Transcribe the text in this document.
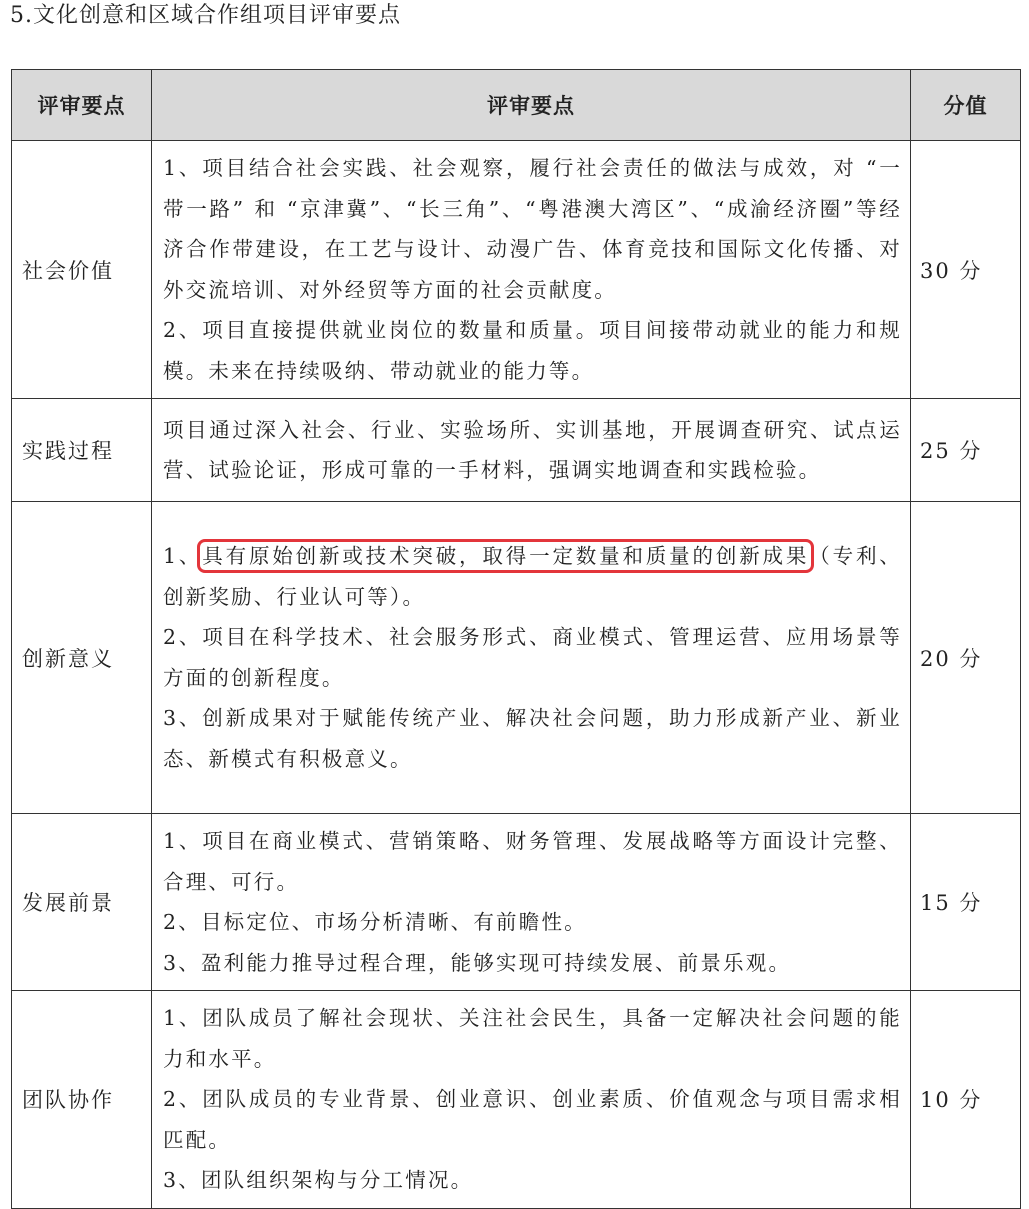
5.文化创意和区域合作组项目评审要点
评审要点	评审要点	分值
社会价值	1、项目结合社会实践、社会观察，履行社会责任的做法与成效，对 “一带一路” 和 “京津冀”、“长三角”、“粤港澳大湾区”、“成渝经济圈”等经济合作带建设，在工艺与设计、动漫广告、体育竞技和国际文化传播、对外交流培训、对外经贸等方面的社会贡献度。

2、项目直接提供就业岗位的数量和质量。项目间接带动就业的能力和规模。未来在持续吸纳、带动就业的能力等。	30 分
实践过程	项目通过深入社会、行业、实验场所、实训基地，开展调查研究、试点运营、试验论证，形成可靠的一手材料，强调实地调查和实践检验。	25 分
创新意义	1、具有原始创新或技术突破，取得一定数量和质量的创新成果（专利、创新奖励、行业认可等）。

2、项目在科学技术、社会服务形式、商业模式、管理运营、应用场景等方面的创新程度。

3、创新成果对于赋能传统产业、解决社会问题，助力形成新产业、新业态、新模式有积极意义。	20 分
发展前景	1、项目在商业模式、营销策略、财务管理、发展战略等方面设计完整、合理、可行。

2、目标定位、市场分析清晰、有前瞻性。

3、盈利能力推导过程合理，能够实现可持续发展、前景乐观。	15 分
团队协作	1、团队成员了解社会现状、关注社会民生，具备一定解决社会问题的能力和水平。

2、团队成员的专业背景、创业意识、创业素质、价值观念与项目需求相匹配。

3、团队组织架构与分工情况。	10 分
